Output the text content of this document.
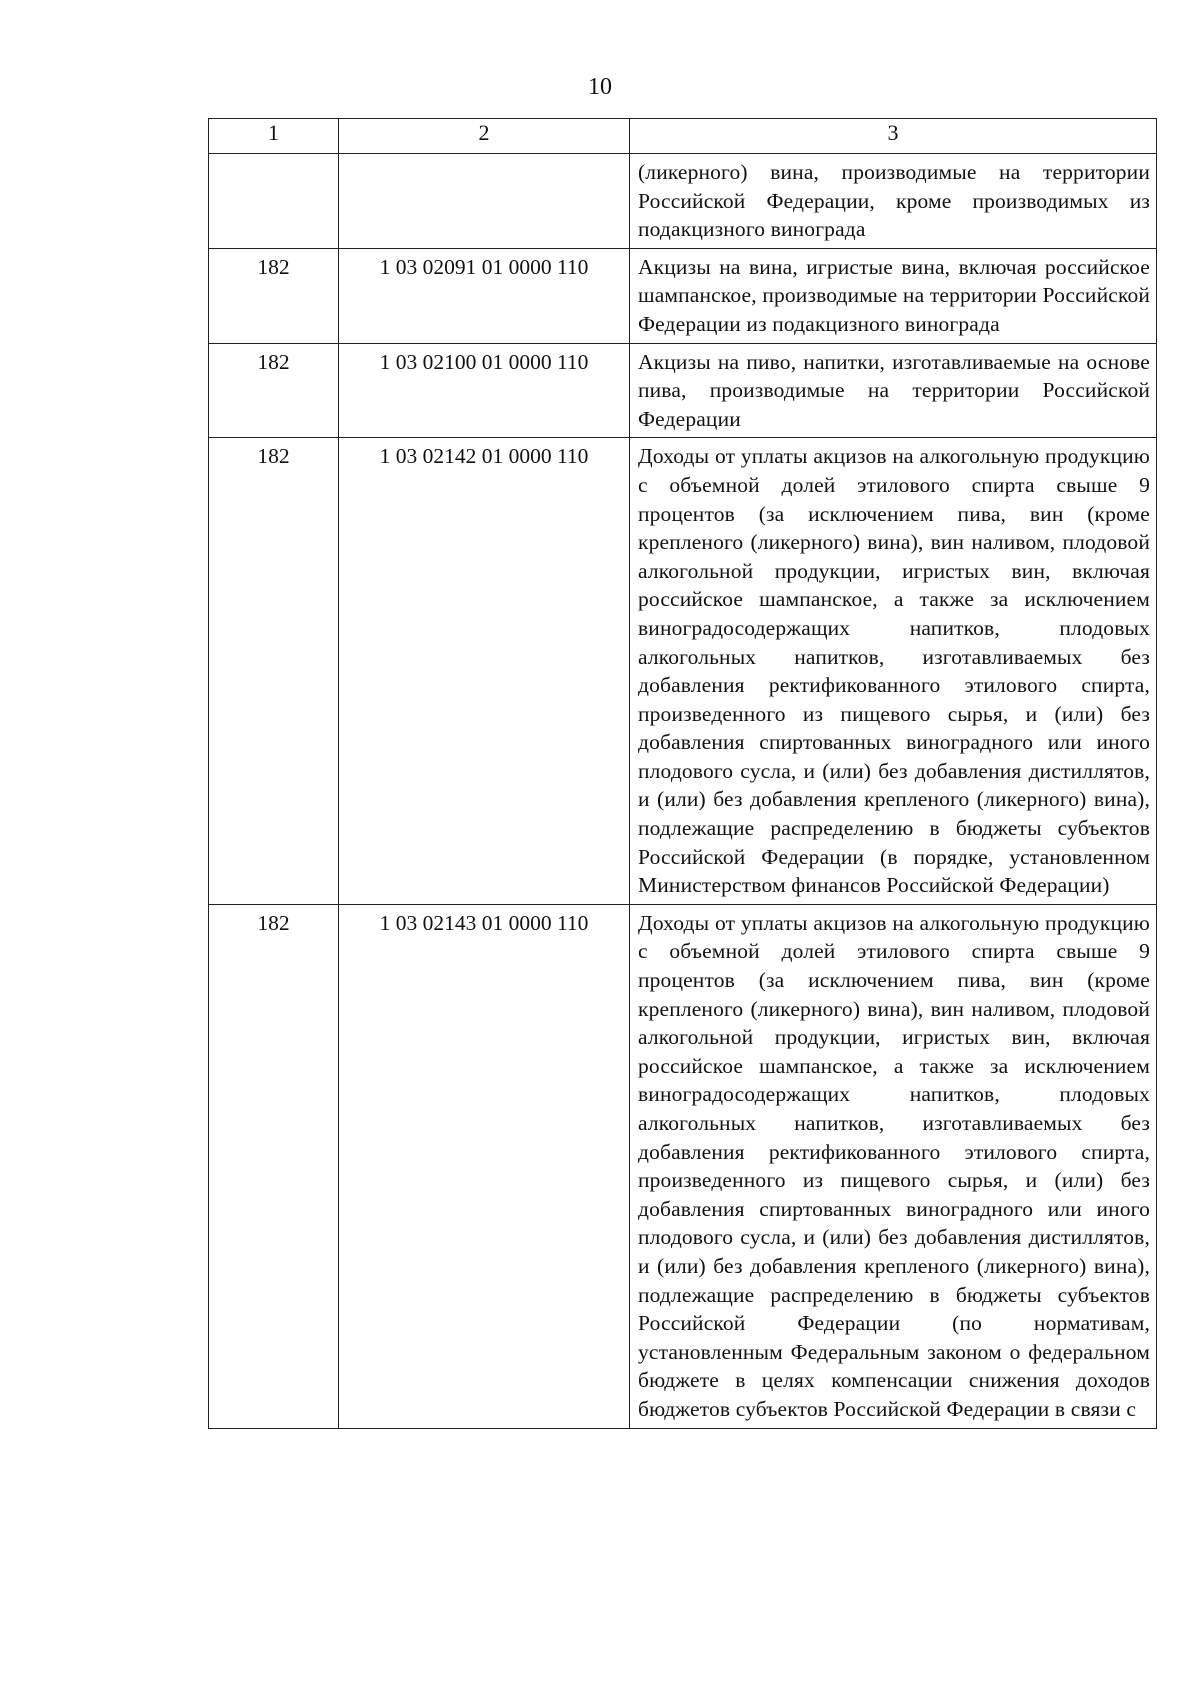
10
1	2	3
		(ликерного) вина, производимые на территории Российской Федерации, кроме производимых из подакцизного винограда
182	1 03 02091 01 0000 110	Акцизы на вина, игристые вина, включая российское шампанское, производимые на территории Российской Федерации из подакцизного винограда
182	1 03 02100 01 0000 110	Акцизы на пиво, напитки, изготавливаемые на основе пива, производимые на территории Российской Федерации
182	1 03 02142 01 0000 110	Доходы от уплаты акцизов на алкогольную продукцию с объемной долей этилового спирта свыше 9 процентов (за исключением пива, вин (кроме крепленого (ликерного) вина), вин наливом, плодовой алкогольной продукции, игристых вин, включая российское шампанское, а также за исключением виноградосодержащих напитков, плодовых алкогольных напитков, изготавливаемых без добавления ректификованного этилового спирта, произведенного из пищевого сырья, и (или) без добавления спиртованных виноградного или иного плодового сусла, и (или) без добавления дистиллятов, и (или) без добавления крепленого (ликерного) вина), подлежащие распределению в бюджеты субъектов Российской Федерации (в порядке, установленном Министерством финансов Российской Федерации)
182	1 03 02143 01 0000 110	Доходы от уплаты акцизов на алкогольную продукцию с объемной долей этилового спирта свыше 9 процентов (за исключением пива, вин (кроме крепленого (ликерного) вина), вин наливом, плодовой алкогольной продукции, игристых вин, включая российское шампанское, а также за исключением виноградосодержащих напитков, плодовых алкогольных напитков, изготавливаемых без добавления ректификованного этилового спирта, произведенного из пищевого сырья, и (или) без добавления спиртованных виноградного или иного плодового сусла, и (или) без добавления дистиллятов, и (или) без добавления крепленого (ликерного) вина), подлежащие распределению в бюджеты субъектов Российской Федерации (по нормативам, установленным Федеральным законом о федеральном бюджете в целях компенсации снижения доходов бюджетов субъектов Российской Федерации в связи с
